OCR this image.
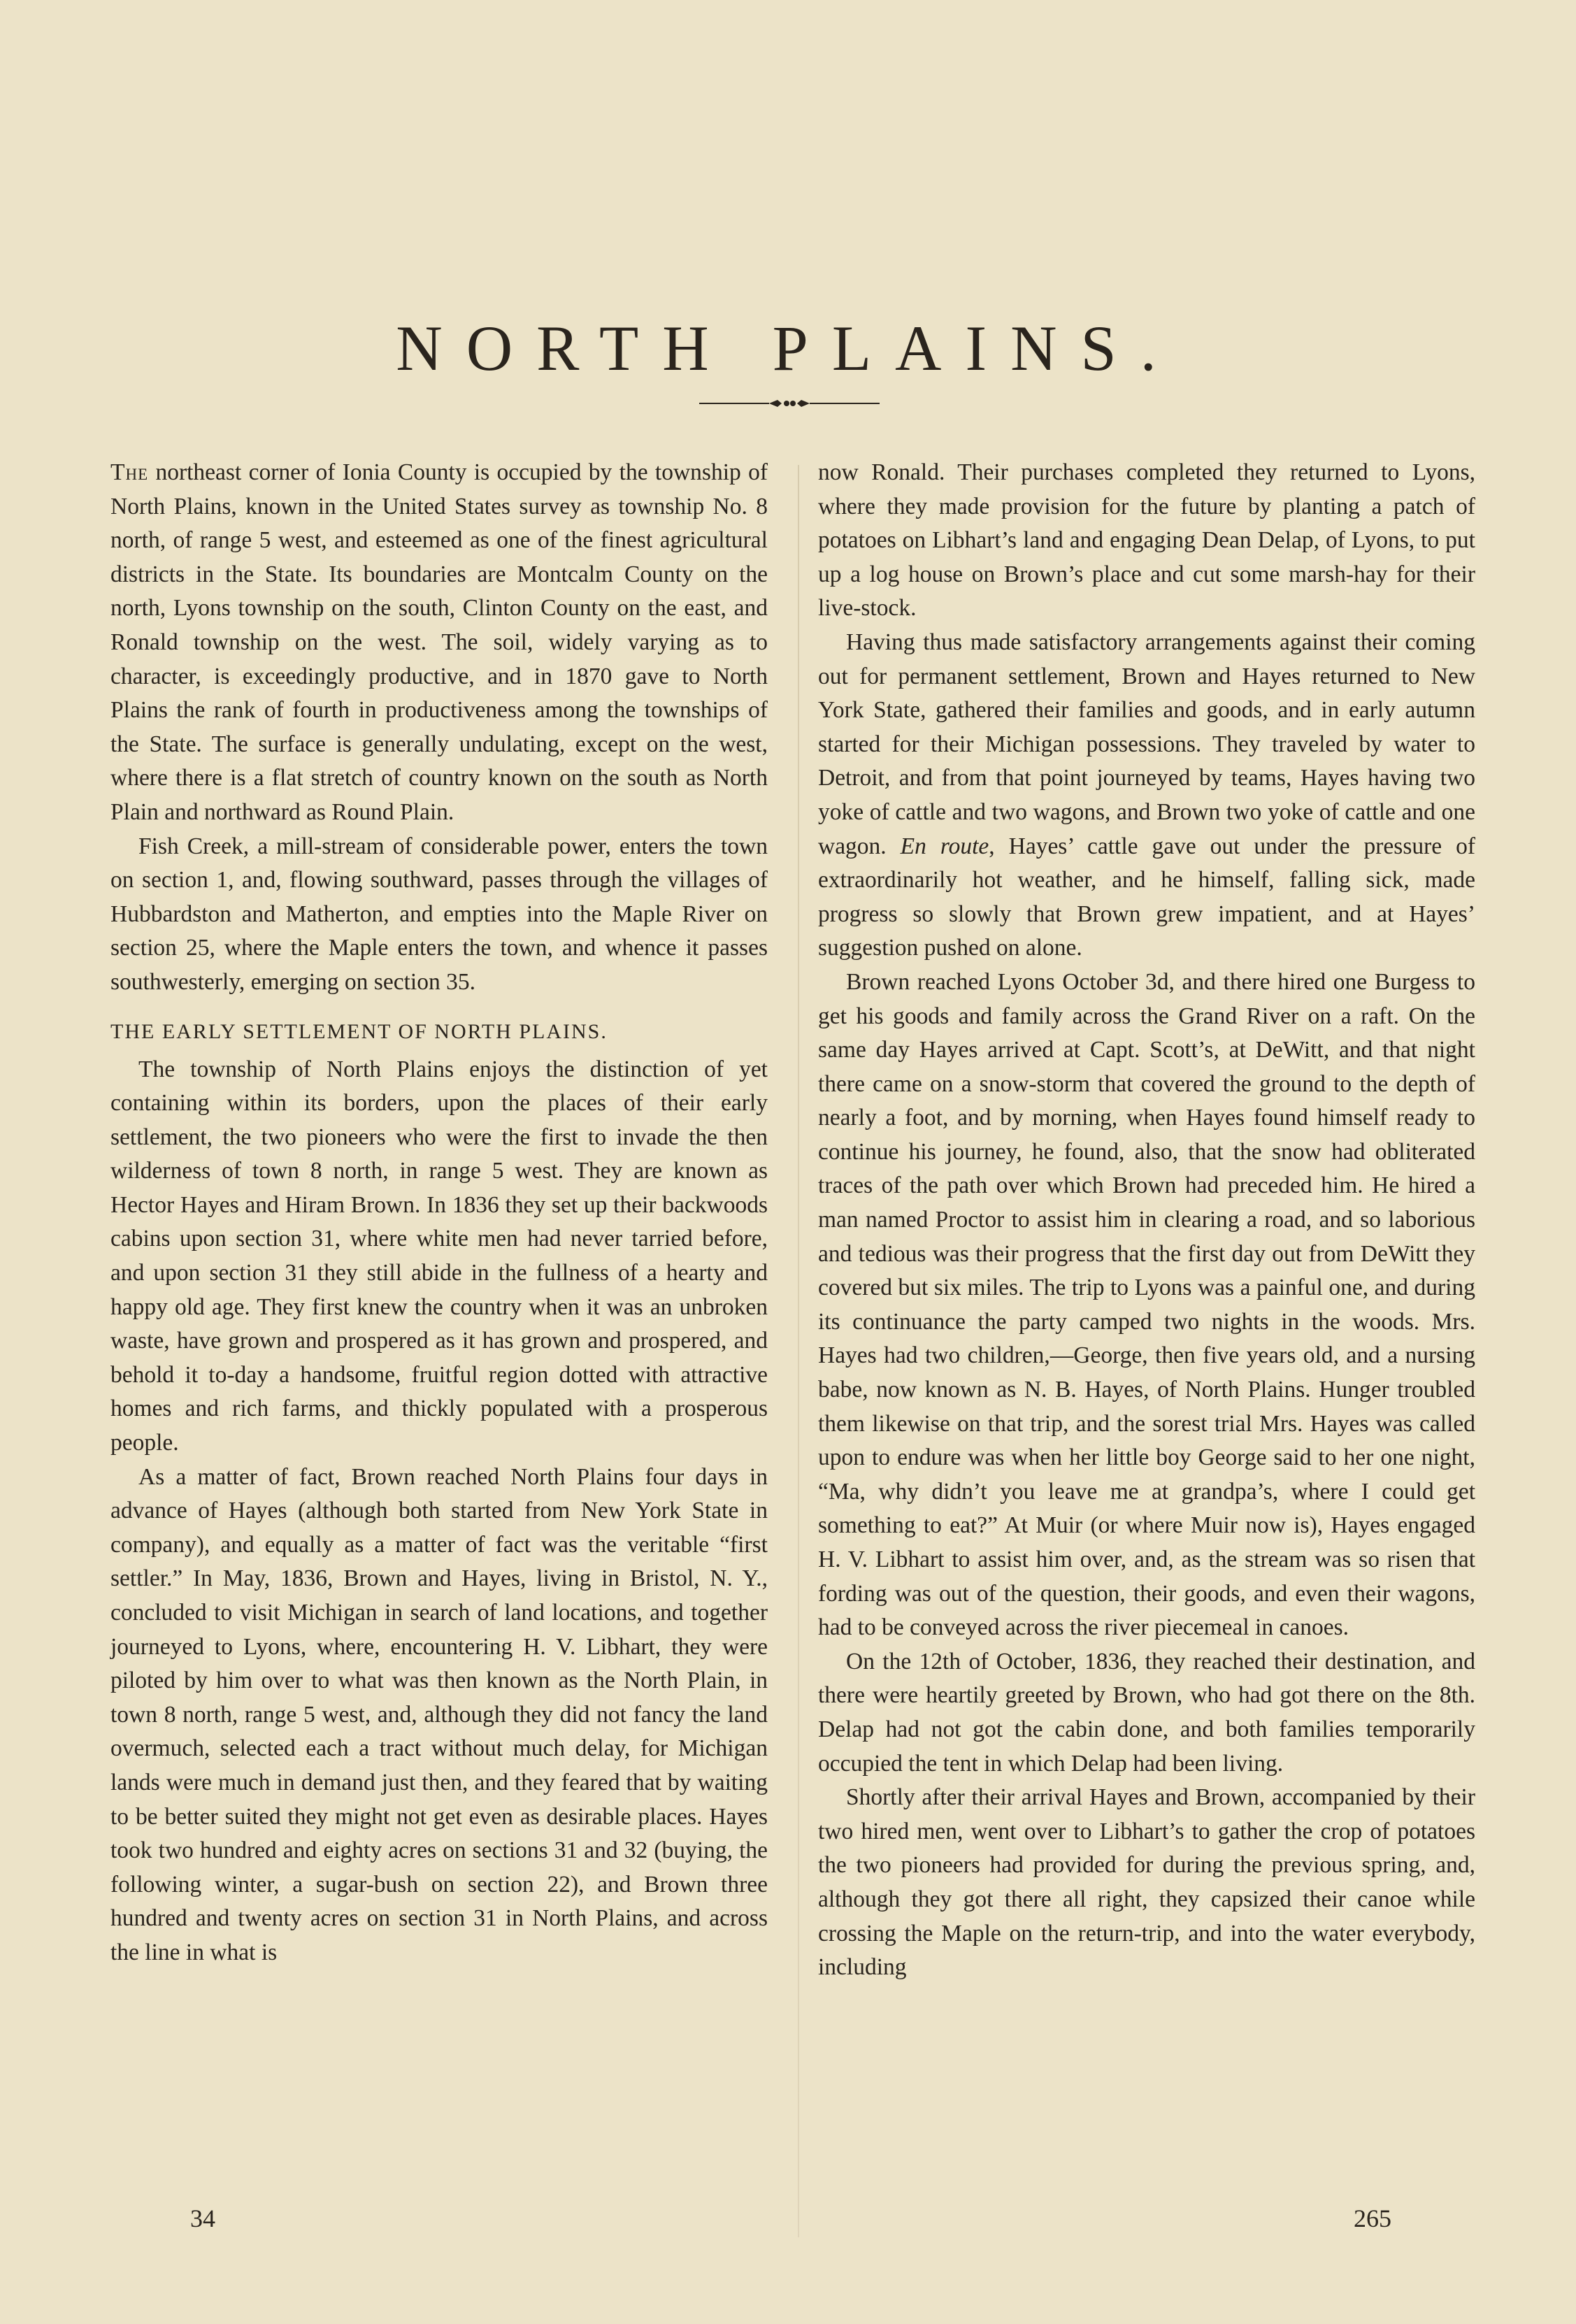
NORTH PLAINS.

The northeast corner of Ionia County is occupied by the township of North Plains, known in the United States survey as township No. 8 north, of range 5 west, and esteemed as one of the finest agricultural districts in the State. Its boundaries are Montcalm County on the north, Lyons township on the south, Clinton County on the east, and Ronald township on the west. The soil, widely varying as to character, is exceedingly productive, and in 1870 gave to North Plains the rank of fourth in productiveness among the townships of the State. The surface is generally undulating, except on the west, where there is a flat stretch of country known on the south as North Plain and northward as Round Plain.

Fish Creek, a mill-stream of considerable power, enters the town on section 1, and, flowing southward, passes through the villages of Hubbardston and Matherton, and empties into the Maple River on section 25, where the Maple enters the town, and whence it passes southwesterly, emerging on section 35.

THE EARLY SETTLEMENT OF NORTH PLAINS.

The township of North Plains enjoys the distinction of yet containing within its borders, upon the places of their early settlement, the two pioneers who were the first to invade the then wilderness of town 8 north, in range 5 west. They are known as Hector Hayes and Hiram Brown. In 1836 they set up their backwoods cabins upon section 31, where white men had never tarried before, and upon section 31 they still abide in the fullness of a hearty and happy old age. They first knew the country when it was an unbroken waste, have grown and prospered as it has grown and prospered, and behold it to-day a handsome, fruitful region dotted with attractive homes and rich farms, and thickly populated with a prosperous people.

As a matter of fact, Brown reached North Plains four days in advance of Hayes (although both started from New York State in company), and equally as a matter of fact was the veritable “first settler.” In May, 1836, Brown and Hayes, living in Bristol, N. Y., concluded to visit Michigan in search of land locations, and together journeyed to Lyons, where, encountering H. V. Libhart, they were piloted by him over to what was then known as the North Plain, in town 8 north, range 5 west, and, although they did not fancy the land overmuch, selected each a tract without much delay, for Michigan lands were much in demand just then, and they feared that by waiting to be better suited they might not get even as desirable places. Hayes took two hundred and eighty acres on sections 31 and 32 (buying, the following winter, a sugar-bush on section 22), and Brown three hundred and twenty acres on section 31 in North Plains, and across the line in what is

now Ronald. Their purchases completed they returned to Lyons, where they made provision for the future by planting a patch of potatoes on Libhart’s land and engaging Dean Delap, of Lyons, to put up a log house on Brown’s place and cut some marsh-hay for their live-stock.

Having thus made satisfactory arrangements against their coming out for permanent settlement, Brown and Hayes returned to New York State, gathered their families and goods, and in early autumn started for their Michigan possessions. They traveled by water to Detroit, and from that point journeyed by teams, Hayes having two yoke of cattle and two wagons, and Brown two yoke of cattle and one wagon. En route, Hayes’ cattle gave out under the pressure of extraordinarily hot weather, and he himself, falling sick, made progress so slowly that Brown grew impatient, and at Hayes’ suggestion pushed on alone.

Brown reached Lyons October 3d, and there hired one Burgess to get his goods and family across the Grand River on a raft. On the same day Hayes arrived at Capt. Scott’s, at DeWitt, and that night there came on a snow-storm that covered the ground to the depth of nearly a foot, and by morning, when Hayes found himself ready to continue his journey, he found, also, that the snow had obliterated traces of the path over which Brown had preceded him. He hired a man named Proctor to assist him in clearing a road, and so laborious and tedious was their progress that the first day out from DeWitt they covered but six miles. The trip to Lyons was a painful one, and during its continuance the party camped two nights in the woods. Mrs. Hayes had two children,—George, then five years old, and a nursing babe, now known as N. B. Hayes, of North Plains. Hunger troubled them likewise on that trip, and the sorest trial Mrs. Hayes was called upon to endure was when her little boy George said to her one night, “Ma, why didn’t you leave me at grandpa’s, where I could get something to eat?” At Muir (or where Muir now is), Hayes engaged H. V. Libhart to assist him over, and, as the stream was so risen that fording was out of the question, their goods, and even their wagons, had to be conveyed across the river piecemeal in canoes.

On the 12th of October, 1836, they reached their destination, and there were heartily greeted by Brown, who had got there on the 8th. Delap had not got the cabin done, and both families temporarily occupied the tent in which Delap had been living.

Shortly after their arrival Hayes and Brown, accompanied by their two hired men, went over to Libhart’s to gather the crop of potatoes the two pioneers had provided for during the previous spring, and, although they got there all right, they capsized their canoe while crossing the Maple on the return-trip, and into the water everybody, including

34	265
